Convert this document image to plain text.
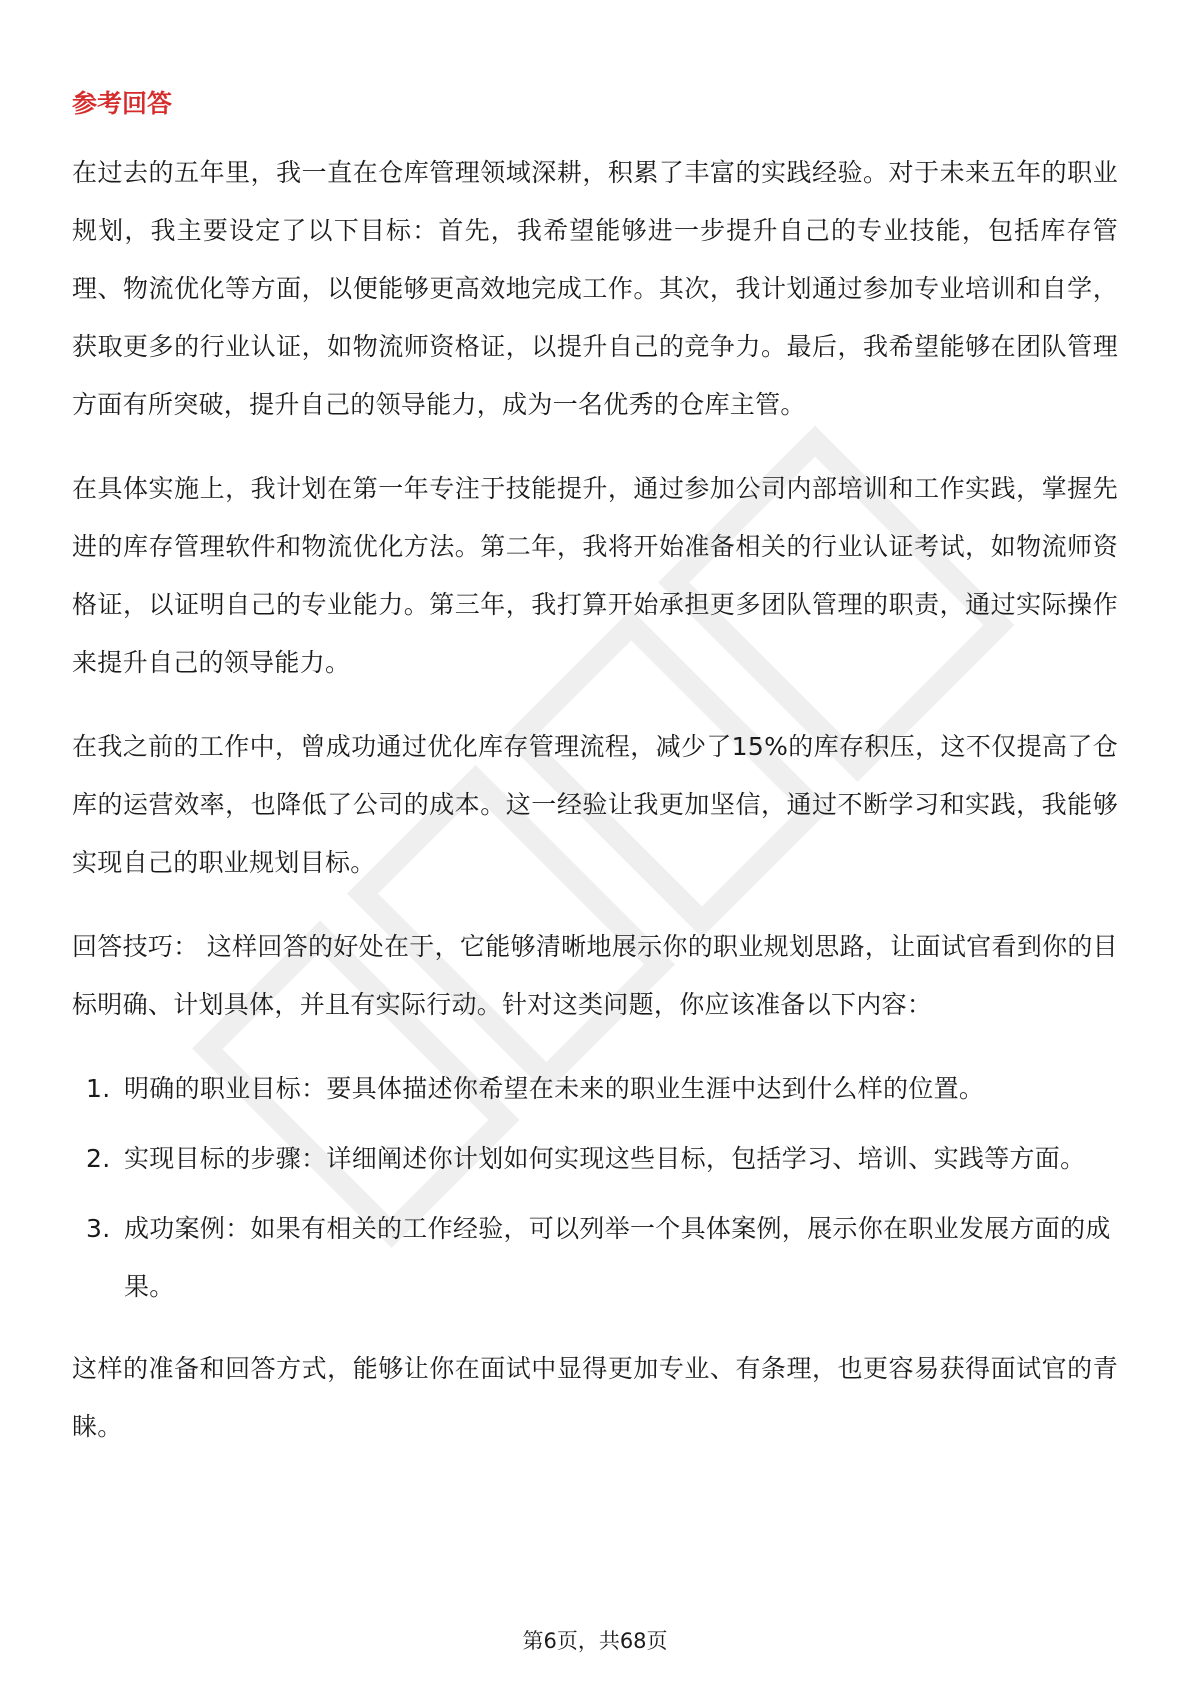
参考回答

在过去的五年里，我一直在仓库管理领域深耕，积累了丰富的实践经验。对于未来五年的职业规划，我主要设定了以下目标：首先，我希望能够进一步提升自己的专业技能，包括库存管理、物流优化等方面，以便能够更高效地完成工作。其次，我计划通过参加专业培训和自学，获取更多的行业认证，如物流师资格证，以提升自己的竞争力。最后，我希望能够在团队管理方面有所突破，提升自己的领导能力，成为一名优秀的仓库主管。

在具体实施上，我计划在第一年专注于技能提升，通过参加公司内部培训和工作实践，掌握先进的库存管理软件和物流优化方法。第二年，我将开始准备相关的行业认证考试，如物流师资格证，以证明自己的专业能力。第三年，我打算开始承担更多团队管理的职责，通过实际操作来提升自己的领导能力。

在我之前的工作中，曾成功通过优化库存管理流程，减少了15%的库存积压，这不仅提高了仓库的运营效率，也降低了公司的成本。这一经验让我更加坚信，通过不断学习和实践，我能够实现自己的职业规划目标。

回答技巧： 这样回答的好处在于，它能够清晰地展示你的职业规划思路，让面试官看到你的目标明确、计划具体，并且有实际行动。针对这类问题，你应该准备以下内容：

1. 明确的职业目标：要具体描述你希望在未来的职业生涯中达到什么样的位置。
2. 实现目标的步骤：详细阐述你计划如何实现这些目标，包括学习、培训、实践等方面。
3. 成功案例：如果有相关的工作经验，可以列举一个具体案例，展示你在职业发展方面的成果。

这样的准备和回答方式，能够让你在面试中显得更加专业、有条理，也更容易获得面试官的青睐。

第6页，共68页
